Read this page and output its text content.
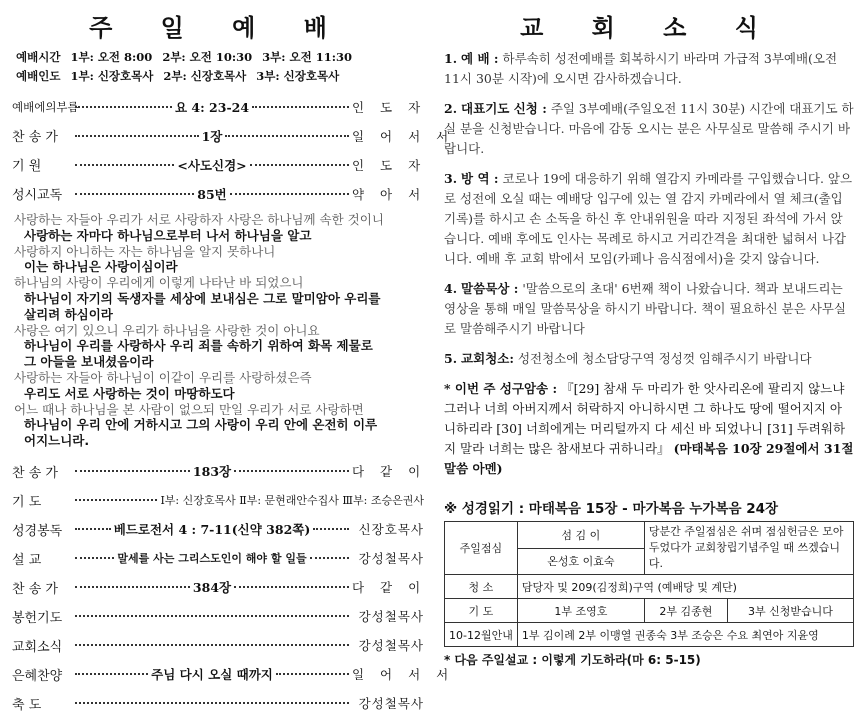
주 일 예 배
예배시간 1부: 오전 8:00 2부: 오전 10:30 3부: 오전 11:30
예배인도 1부: 신장호목사 2부: 신장호목사 3부: 신장호목사
예배에의부름	요 4: 23-24	인 도 자
찬 송 가	1장	일 어 서 서
기 원	<사도신경>	인 도 자
성시교독	85번	약 아 서
사랑하는 자들아 우리가 서로 사랑하자 사랑은 하나님께 속한 것이니
사랑하는 자마다 하나님으로부터 나서 하나님을 알고
사랑하지 아니하는 자는 하나님을 알지 못하나니
이는 하나님은 사랑이심이라
하나님의 사랑이 우리에게 이렇게 나타난 바 되었으니
하나님이 자기의 독생자를 세상에 보내심은 그로 말미암아 우리를
살리려 하심이라
사랑은 여기 있으니 우리가 하나님을 사랑한 것이 아니요
하나님이 우리를 사랑하사 우리 죄를 속하기 위하여 화목 제물로
그 아들을 보내셨음이라
사랑하는 자들아 하나님이 이같이 우리를 사랑하셨은즉
우리도 서로 사랑하는 것이 마땅하도다
어느 때나 하나님을 본 사람이 없으되 만일 우리가 서로 사랑하면
하나님이 우리 안에 거하시고 그의 사랑이 우리 안에 온전히 이루
어지느니라.
찬 송 가	183장	다 같 이
기 도	Ⅰ부: 신장호목사 Ⅱ부: 문현래안수집사 Ⅲ부: 조승은권사
성경봉독	베드로전서 4 : 7-11(신약 382쪽)	신장호목사
설 교	말세를 사는 그리스도인이 해야 할 일들	강성철목사
찬 송 가	384장	다 같 이
봉헌기도	강성철목사
교회소식	강성철목사
은혜찬양	주님 다시 오실 때까지	일 어 서 서
축 도	강성철목사
교 회 소 식
1. 예 배 : 하루속히 성전예배를 회복하시기 바라며 가급적 3부예배(오전 11시 30분 시작)에 오시면 감사하겠습니다.
2. 대표기도 신청 : 주일 3부예배(주일오전 11시 30분) 시간에 대표기도 하실 분을 신청받습니다. 마음에 감동 오시는 분은 사무실로 말씀해 주시기 바랍니다.
3. 방 역 : 코로나 19에 대응하기 위해 열감지 카메라를 구입했습니다. 앞으로 성전에 오실 때는 예배당 입구에 있는 열 감지 카메라에서 열 체크(출입기록)를 하시고 손 소독을 하신 후 안내위원을 따라 지정된 좌석에 가서 앉습니다. 예배 후에도 인사는 목례로 하시고 거리간격을 최대한 넓혀서 나갑니다. 예배 후 교회 밖에서 모임(카페나 음식점에서)을 갖지 않습니다.
4. 말씀묵상 : '말씀으로의 초대' 6번째 책이 나왔습니다. 책과 보내드리는 영상을 통해 매일 말씀묵상을 하시기 바랍니다. 책이 필요하신 분은 사무실로 말씀해주시기 바랍니다
5. 교회청소: 성전청소에 청소담당구역 정성껏 임해주시기 바랍니다
* 이번 주 성구암송 : 『[29] 참새 두 마리가 한 앗사리온에 팔리지 않느냐 그러나 너희 아버지께서 허락하지 아니하시면 그 하나도 땅에 떨어지지 아니하리라 [30] 너희에게는 머리털까지 다 세신 바 되었나니 [31] 두려워하지 말라 너희는 많은 참새보다 귀하니라』 (마태복음 10장 29절에서 31절 말씀 아멘)
※ 성경읽기 : 마태복음 15장 - 마가복음 누가복음 24장
주일점심	섬 김 이	당분간 주일점심은 쉬며 점심헌금은 모아 두었다가 교회창립기념주일 때 쓰겠습니다.	
	온성호 이효숙		
청 소	담당자 및 209(김정희)구역 (예배당 및 계단)		
기 도	1부 조영호	2부 김종현	3부 신청받습니다
10-12월안내	1부 김이례 2부 이맹열 권종숙 3부 조승은 수요 최연아 지윤영		
* 다음 주일설교 : 이렇게 기도하라(마 6: 5-15)
